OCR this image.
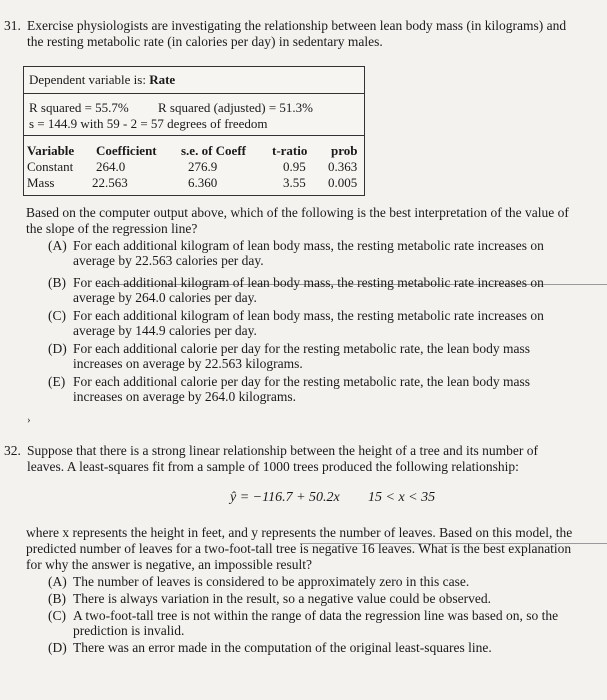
31. Exercise physiologists are investigating the relationship between lean body mass (in kilograms) and
the resting metabolic rate (in calories per day) in sedentary males.
Dependent variable is: Rate
R squared = 55.7% R squared (adjusted) = 51.3%
s = 144.9 with 59 - 2 = 57 degrees of freedom
Variable Coefficient s.e. of Coeff t-ratio prob
Constant 264.0	276.9	0.95 0.363
Mass	22.563	6.360	3.55 0.005
Based on the computer output above, which of the following is the best interpretation of the value of
the slope of the regression line?
(A) For each additional kilogram of lean body mass, the resting metabolic rate increases on
average by 22.563 calories per day.
(B) For each additional kilogram of lean body mass, the resting metabolic rate increases on
average by 264.0 calories per day.
(C) For each additional kilogram of lean body mass, the resting metabolic rate increases on
average by 144.9 calories per day.
(D) For each additional calorie per day for the resting metabolic rate, the lean body mass
increases on average by 22.563 kilograms.
(E) For each additional calorie per day for the resting metabolic rate, the lean body mass
increases on average by 264.0 kilograms.
›
32. Suppose that there is a strong linear relationship between the height of a tree and its number of
leaves. A least-squares fit from a sample of 1000 trees produced the following relationship:
ŷ = −116.7 + 50.2x 15 < x < 35
where x represents the height in feet, and y represents the number of leaves. Based on this model, the
predicted number of leaves for a two-foot-tall tree is negative 16 leaves. What is the best explanation
for why the answer is negative, an impossible result?
(A) The number of leaves is considered to be approximately zero in this case.
(B) There is always variation in the result, so a negative value could be observed.
(C) A two-foot-tall tree is not within the range of data the regression line was based on, so the
prediction is invalid.
(D) There was an error made in the computation of the original least-squares line.
